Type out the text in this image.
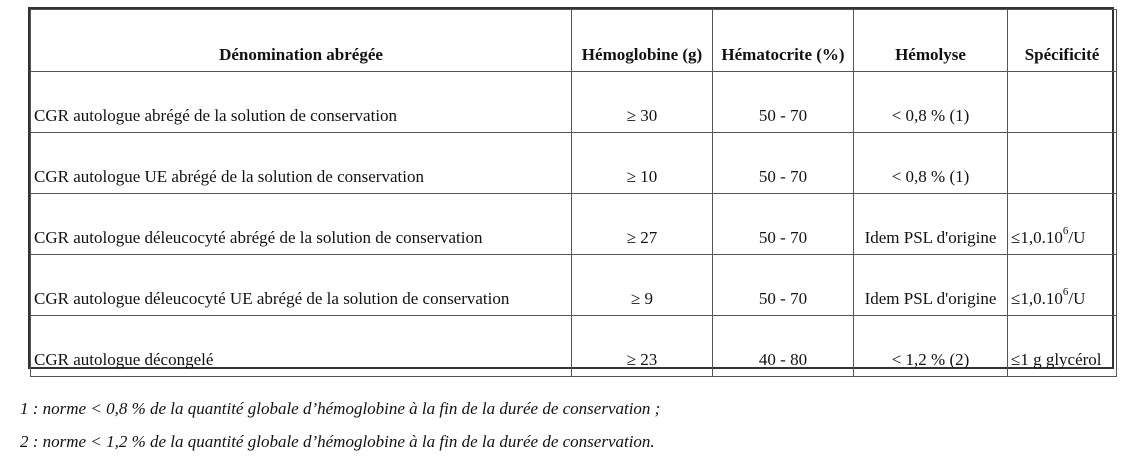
Dénomination abrégée	Hémoglobine (g)	Hématocrite (%)	Hémolyse	Spécificité
CGR autologue abrégé de la solution de conservation	≥ 30	50 - 70	< 0,8 % (1)	
CGR autologue UE abrégé de la solution de conservation	≥ 10	50 - 70	< 0,8 % (1)	
CGR autologue déleucocyté abrégé de la solution de conservation	≥ 27	50 - 70	Idem PSL d'origine	$\le 1,0.10^6/U$
CGR autologue déleucocyté UE abrégé de la solution de conservation	≥ 9	50 - 70	Idem PSL d'origine	$\le 1,0.10^6/U$
CGR autologue décongelé	≥ 23	40 - 80	< 1,2 % (2)	≤1 g glycérol
1 : norme < 0,8 % de la quantité globale d’hémoglobine à la fin de la durée de conservation ;
2 : norme < 1,2 % de la quantité globale d’hémoglobine à la fin de la durée de conservation.
